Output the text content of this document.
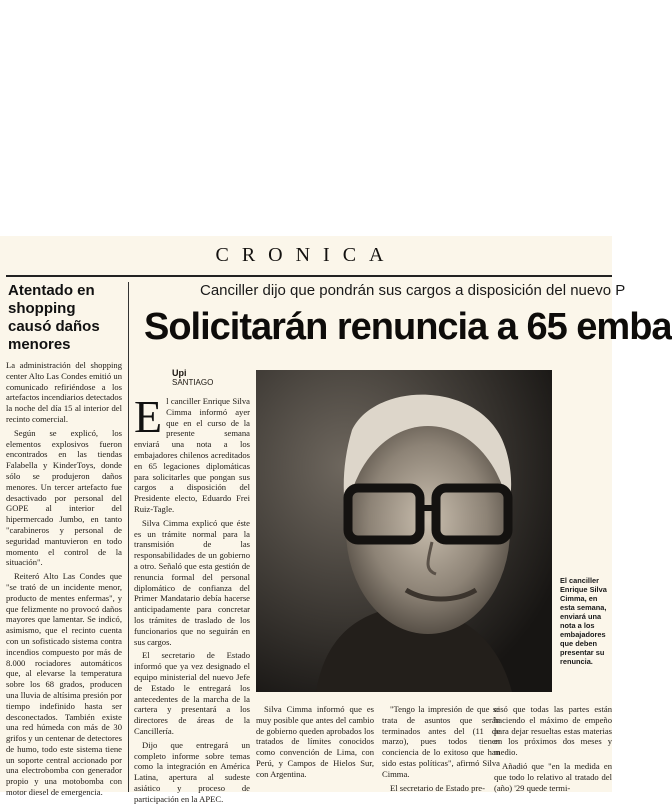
CRONICA
Atentado en shopping causó daños menores

La administración del shopping center Alto Las Condes emitió un comunicado refiriéndose a los artefactos incendiarios detectados la noche del día 15 al interior del recinto comercial.

Según se explicó, los elementos explosivos fueron encontrados en las tiendas Falabella y KinderToys, donde sólo se produjeron daños menores. Un tercer artefacto fue desactivado por personal del GOPE al interior del hipermercado Jumbo, en tanto "carabineros y personal de seguridad mantuvieron en todo momento el control de la situación".

Reiteró Alto Las Condes que "se trató de un incidente menor, producto de mentes enfermas", y que felizmente no provocó daños mayores que lamentar. Se indicó, asimismo, que el recinto cuenta con un sofisticado sistema contra incendios compuesto por más de 8.000 rociadores automáticos que, al elevarse la temperatura sobre los 68 grados, producen una lluvia de altísima presión por tiempo indefinido hasta ser desconectados. También existe una red húmeda con más de 30 grifos y un centenar de detectores de humo, todo este sistema tiene un soporte central accionado por una electrobomba con generador propio y una motobomba con motor diesel de emergencia.

Canciller dijo que pondrán sus cargos a disposición del nuevo P
Solicitarán renuncia a 65 emba
Upi
SANTIAGO

El canciller Enrique Silva Cimma informó ayer que en el curso de la presente semana enviará una nota a los embajadores chilenos acreditados en 65 legaciones diplomáticas para solicitarles que pongan sus cargos a disposición del Presidente electo, Eduardo Frei Ruiz-Tagle.

Silva Cimma explicó que éste es un trámite normal para la transmisión de las responsabilidades de un gobierno a otro. Señaló que esta gestión de renuncia formal del personal diplomático de confianza del Primer Mandatario debía hacerse anticipadamente para concretar los trámites de traslado de los funcionarios que no seguirán en sus cargos.

El secretario de Estado informó que ya vez designado el equipo ministerial del nuevo Jefe de Estado le entregará los antecedentes de la marcha de la cartera y presentará a los directores de áreas de la Cancillería.

Dijo que entregará un completo informe sobre temas como la integración en América Latina, apertura al sudeste asiático y proceso de participación en la APEC.

El canciller Enrique Silva Cimma, en esta semana, enviará una nota a los embajadores que deben presentar su renuncia.

Silva Cimma informó que es muy posible que antes del cambio de gobierno queden aprobados los tratados de límites conocidos como convención de Lima, con Perú, y Campos de Hielos Sur, con Argentina.

"Tengo la impresión de que se trata de asuntos que serán terminados antes del (11 de marzo), pues todos tienen conciencia de lo exitoso que han sido estas políticas", afirmó Silva Cimma.

El secretario de Estado pre-

cisó que todas las partes están haciendo el máximo de empeño para dejar resueltas estas materias en los próximos dos meses y medio.

Añadió que "en la medida en que todo lo relativo al tratado del (año) '29 quede termi-
